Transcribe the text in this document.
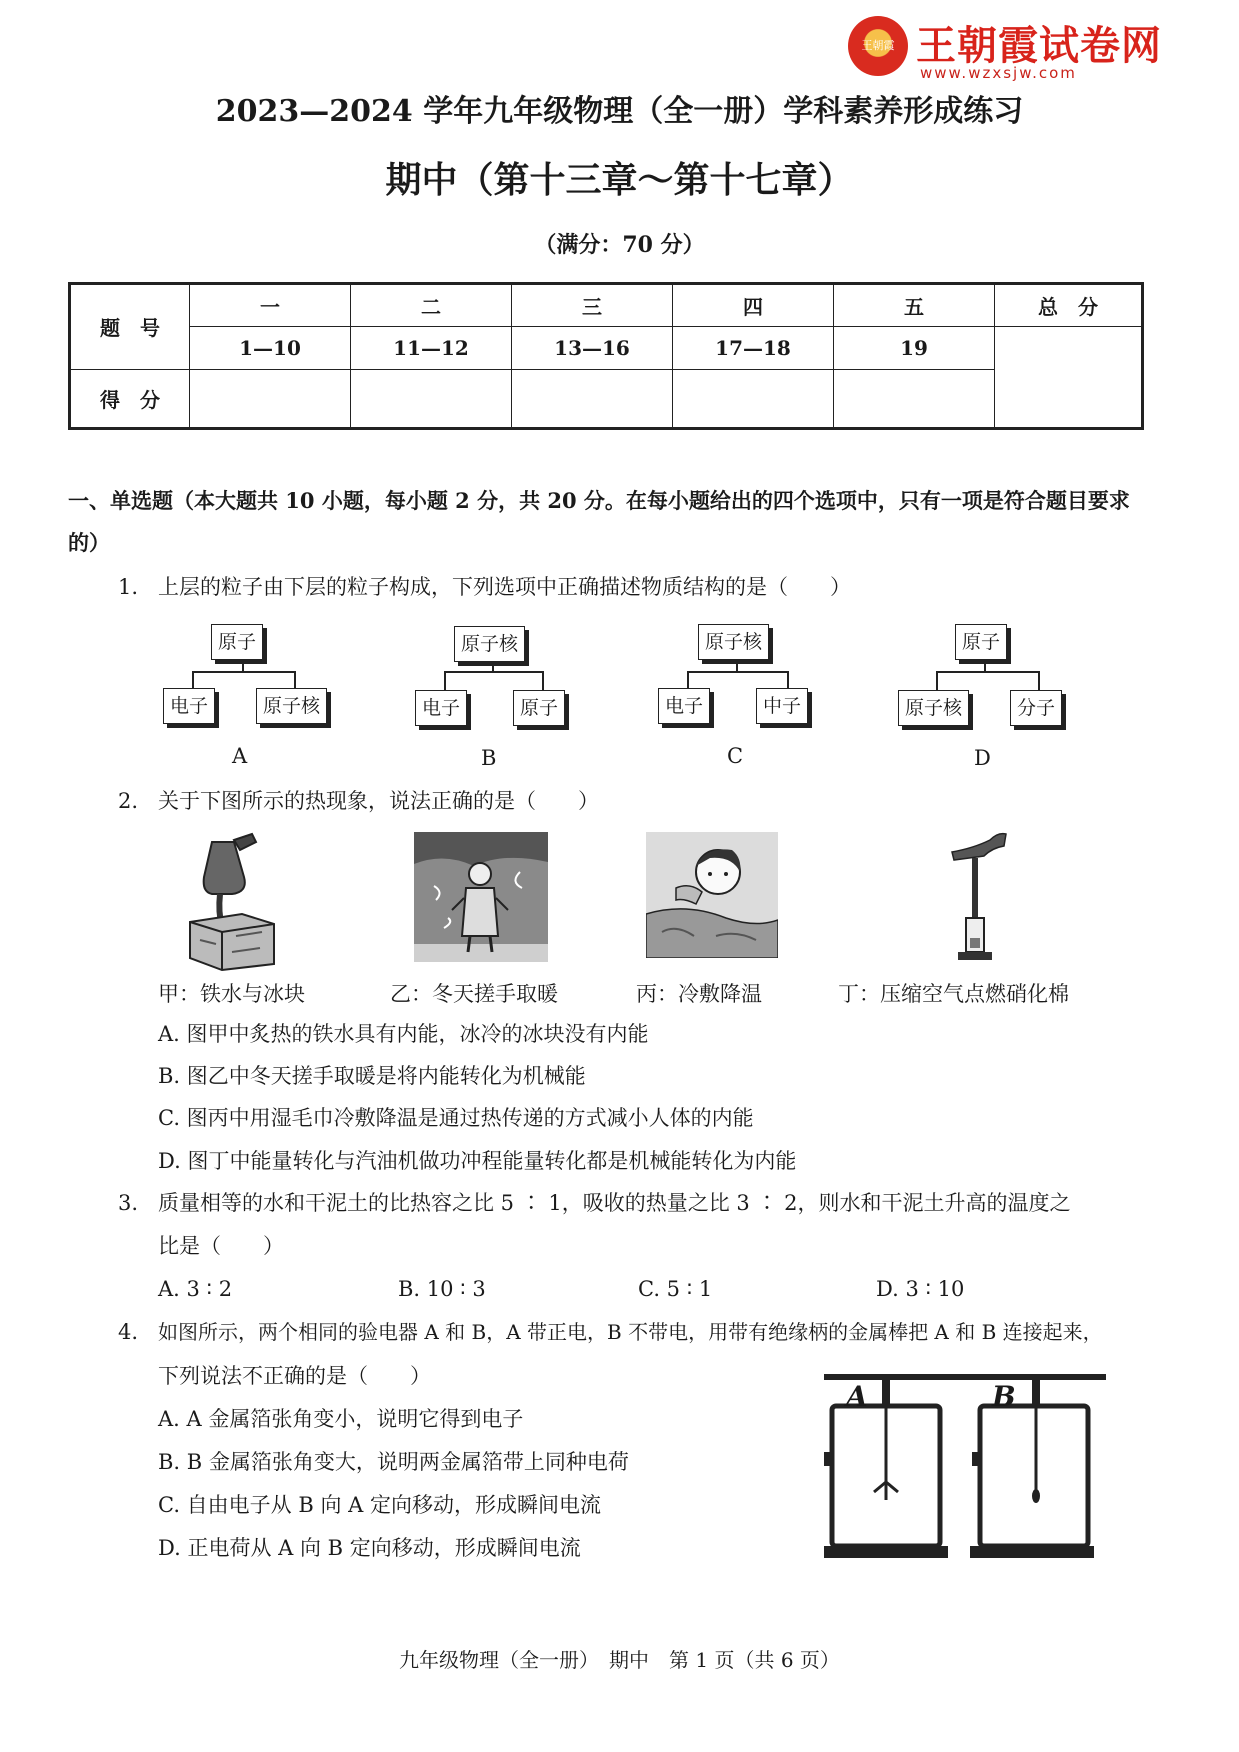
王朝霞 王朝霞试卷网
www.wzxsjw.com
2023—2024 学年九年级物理（全一册）学科素养形成练习
期中（第十三章～第十七章）
（满分：70 分）
题　号	一	二	三	四	五	总　分
	1—10	11—12	13—16	17—18	19	
得　分						
一、单选题（本大题共 10 小题，每小题 2 分，共 20 分。在每小题给出的四个选项中，只有一项是符合题目要求的）
1. 上层的粒子由下层的粒子构成，下列选项中正确描述物质结构的是（　　）
原子
电子	原子核
A
原子核
电子	原子
B
原子核
电子	中子
C
原子
原子核	分子
D
2. 关于下图所示的热现象，说法正确的是（　　）
甲：铁水与冰块	乙：冬天搓手取暖	丙：冷敷降温	丁：压缩空气点燃硝化棉
A. 图甲中炙热的铁水具有内能，冰冷的冰块没有内能
B. 图乙中冬天搓手取暖是将内能转化为机械能
C. 图丙中用湿毛巾冷敷降温是通过热传递的方式减小人体的内能
D. 图丁中能量转化与汽油机做功冲程能量转化都是机械能转化为内能
3. 质量相等的水和干泥土的比热容之比 5 ∶ 1，吸收的热量之比 3 ∶ 2，则水和干泥土升高的温度之
比是（　　）
A. 3 ∶ 2	B. 10 ∶ 3	C. 5 ∶ 1	D. 3 ∶ 10
4. 如图所示，两个相同的验电器 A 和 B，A 带正电，B 不带电，用带有绝缘柄的金属棒把 A 和 B 连接起来，
下列说法不正确的是（　　）
A. A 金属箔张角变小，说明它得到电子
B. B 金属箔张角变大，说明两金属箔带上同种电荷
C. 自由电子从 B 向 A 定向移动，形成瞬间电流
D. 正电荷从 A 向 B 定向移动，形成瞬间电流
A	B
九年级物理（全一册）　期中　第 1 页（共 6 页）
